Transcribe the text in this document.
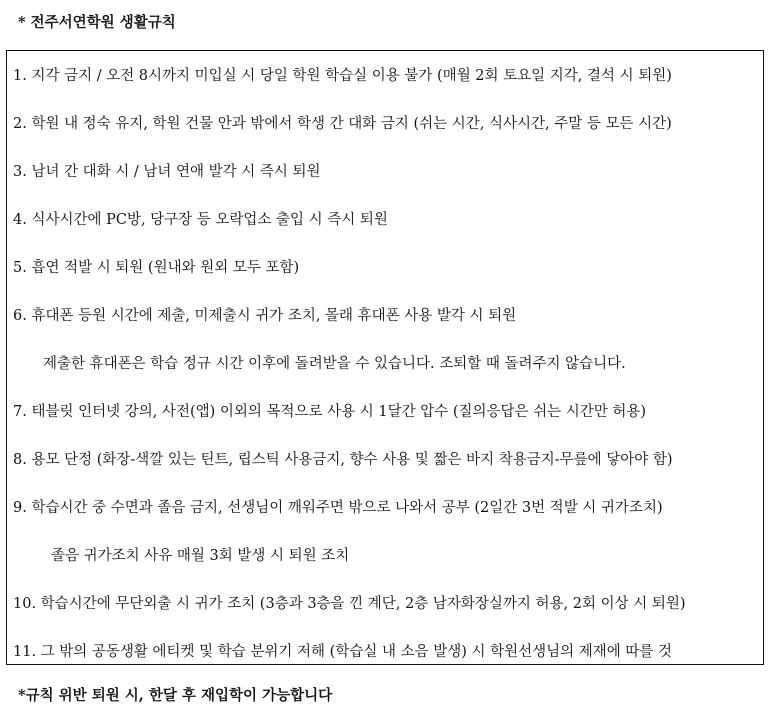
* 전주서연학원 생활규칙
1. 지각 금지 / 오전 8시까지 미입실 시 당일 학원 학습실 이용 불가 (매월 2회 토요일 지각, 결석 시 퇴원)
2. 학원 내 정숙 유지, 학원 건물 안과 밖에서 학생 간 대화 금지 (쉬는 시간, 식사시간, 주말 등 모든 시간)
3. 남녀 간 대화 시 / 남녀 연애 발각 시 즉시 퇴원
4. 식사시간에 PC방, 당구장 등 오락업소 출입 시 즉시 퇴원
5. 흡연 적발 시 퇴원 (원내와 원외 모두 포함)
6. 휴대폰 등원 시간에 제출, 미제출시 귀가 조치, 몰래 휴대폰 사용 발각 시 퇴원
제출한 휴대폰은 학습 정규 시간 이후에 돌려받을 수 있습니다. 조퇴할 때 돌려주지 않습니다.
7. 태블릿 인터넷 강의, 사전(앱) 이외의 목적으로 사용 시 1달간 압수 (질의응답은 쉬는 시간만 허용)
8. 용모 단정 (화장-색깔 있는 틴트, 립스틱 사용금지, 향수 사용 및 짧은 바지 착용금지-무릎에 닿아야 함)
9. 학습시간 중 수면과 졸음 금지, 선생님이 깨워주면 밖으로 나와서 공부 (2일간 3번 적발 시 귀가조치)
졸음 귀가조치 사유 매월 3회 발생 시 퇴원 조치
10. 학습시간에 무단외출 시 귀가 조치 (3층과 3층을 낀 계단, 2층 남자화장실까지 허용, 2회 이상 시 퇴원)
11. 그 밖의 공동생활 에티켓 및 학습 분위기 저해 (학습실 내 소음 발생) 시 학원선생님의 제재에 따를 것
*규칙 위반 퇴원 시, 한달 후 재입학이 가능합니다
